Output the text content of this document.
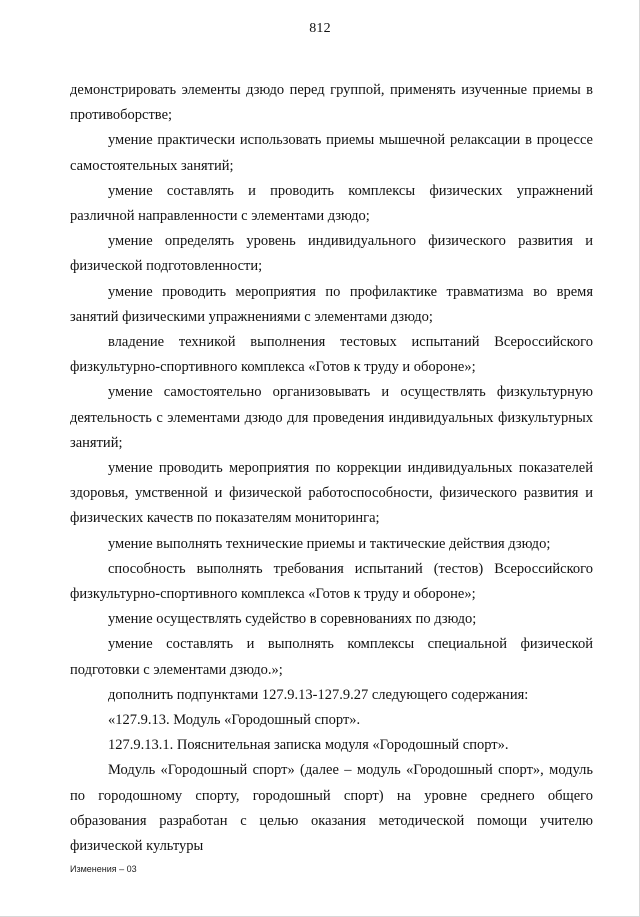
812

демонстрировать элементы дзюдо перед группой, применять изученные приемы в противоборстве;

умение практически использовать приемы мышечной релаксации в процессе самостоятельных занятий;

умение составлять и проводить комплексы физических упражнений различной направленности с элементами дзюдо;

умение определять уровень индивидуального физического развития и физической подготовленности;

умение проводить мероприятия по профилактике травматизма во время занятий физическими упражнениями с элементами дзюдо;

владение техникой выполнения тестовых испытаний Всероссийского физкультурно-спортивного комплекса «Готов к труду и обороне»;

умение самостоятельно организовывать и осуществлять физкультурную деятельность с элементами дзюдо для проведения индивидуальных физкультурных занятий;

умение проводить мероприятия по коррекции индивидуальных показателей здоровья, умственной и физической работоспособности, физического развития и физических качеств по показателям мониторинга;

умение выполнять технические приемы и тактические действия дзюдо;

способность выполнять требования испытаний (тестов) Всероссийского физкультурно-спортивного комплекса «Готов к труду и обороне»;

умение осуществлять судейство в соревнованиях по дзюдо;

умение составлять и выполнять комплексы специальной физической подготовки с элементами дзюдо.»;

дополнить подпунктами 127.9.13-127.9.27 следующего содержания:

«127.9.13. Модуль «Городошный спорт».

127.9.13.1. Пояснительная записка модуля «Городошный спорт».

Модуль «Городошный спорт» (далее – модуль «Городошный спорт», модуль по городошному спорту, городошный спорт) на уровне среднего общего образования разработан с целью оказания методической помощи учителю физической культуры

Изменения – 03
